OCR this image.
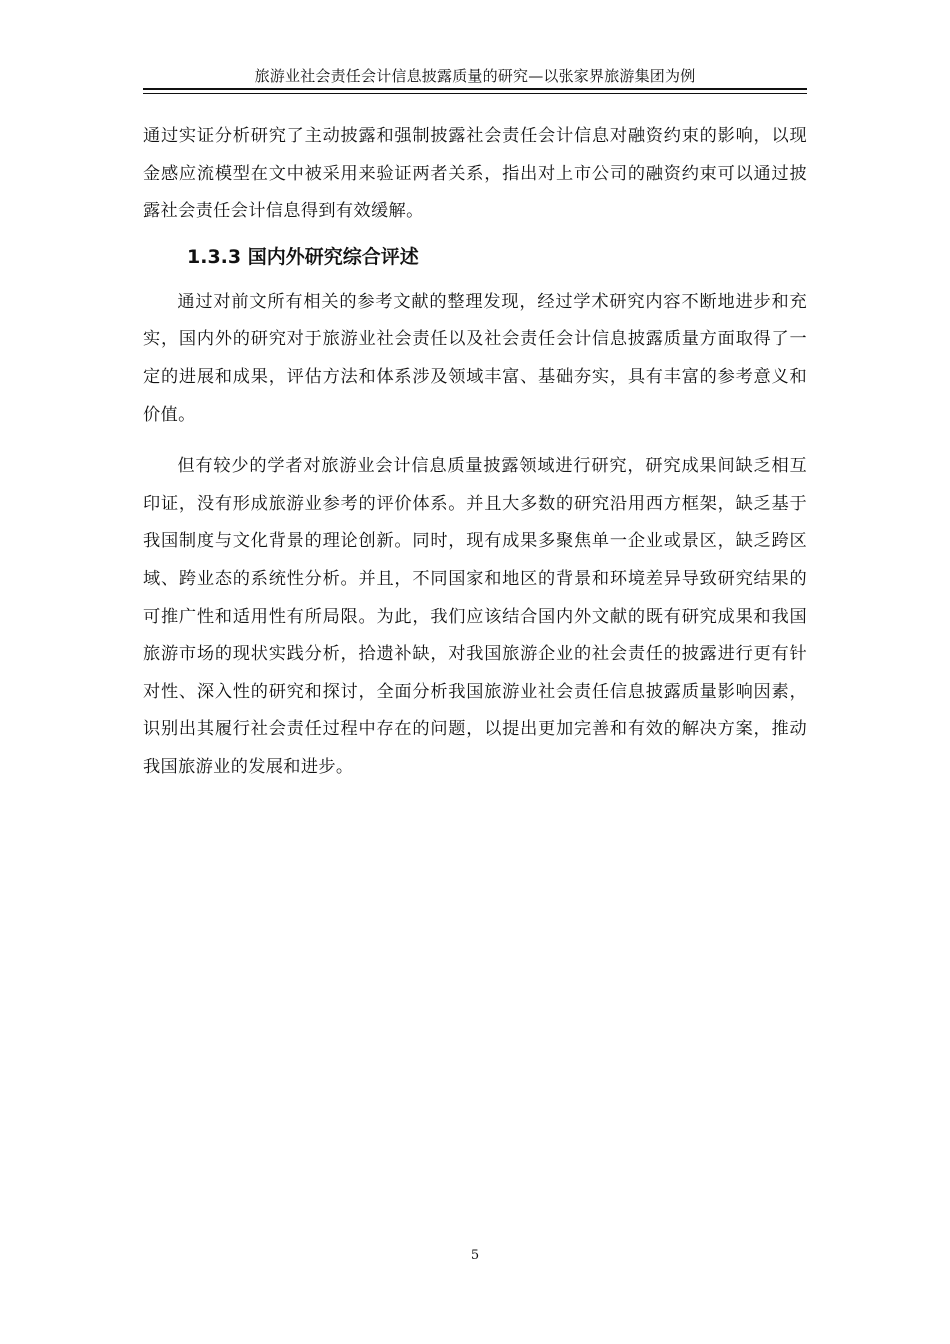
旅游业社会责任会计信息披露质量的研究—以张家界旅游集团为例

通过实证分析研究了主动披露和强制披露社会责任会计信息对融资约束的影响，以现金感应流模型在文中被采用来验证两者关系，指出对上市公司的融资约束可以通过披露社会责任会计信息得到有效缓解。

1.3.3 国内外研究综合评述

通过对前文所有相关的参考文献的整理发现，经过学术研究内容不断地进步和充实，国内外的研究对于旅游业社会责任以及社会责任会计信息披露质量方面取得了一定的进展和成果，评估方法和体系涉及领域丰富、基础夯实，具有丰富的参考意义和价值。

但有较少的学者对旅游业会计信息质量披露领域进行研究，研究成果间缺乏相互印证，没有形成旅游业参考的评价体系。并且大多数的研究沿用西方框架，缺乏基于我国制度与文化背景的理论创新。同时，现有成果多聚焦单一企业或景区，缺乏跨区域、跨业态的系统性分析。并且，不同国家和地区的背景和环境差异导致研究结果的可推广性和适用性有所局限。为此，我们应该结合国内外文献的既有研究成果和我国旅游市场的现状实践分析，拾遗补缺，对我国旅游企业的社会责任的披露进行更有针对性、深入性的研究和探讨，全面分析我国旅游业社会责任信息披露质量影响因素，识别出其履行社会责任过程中存在的问题，以提出更加完善和有效的解决方案，推动我国旅游业的发展和进步。

5
